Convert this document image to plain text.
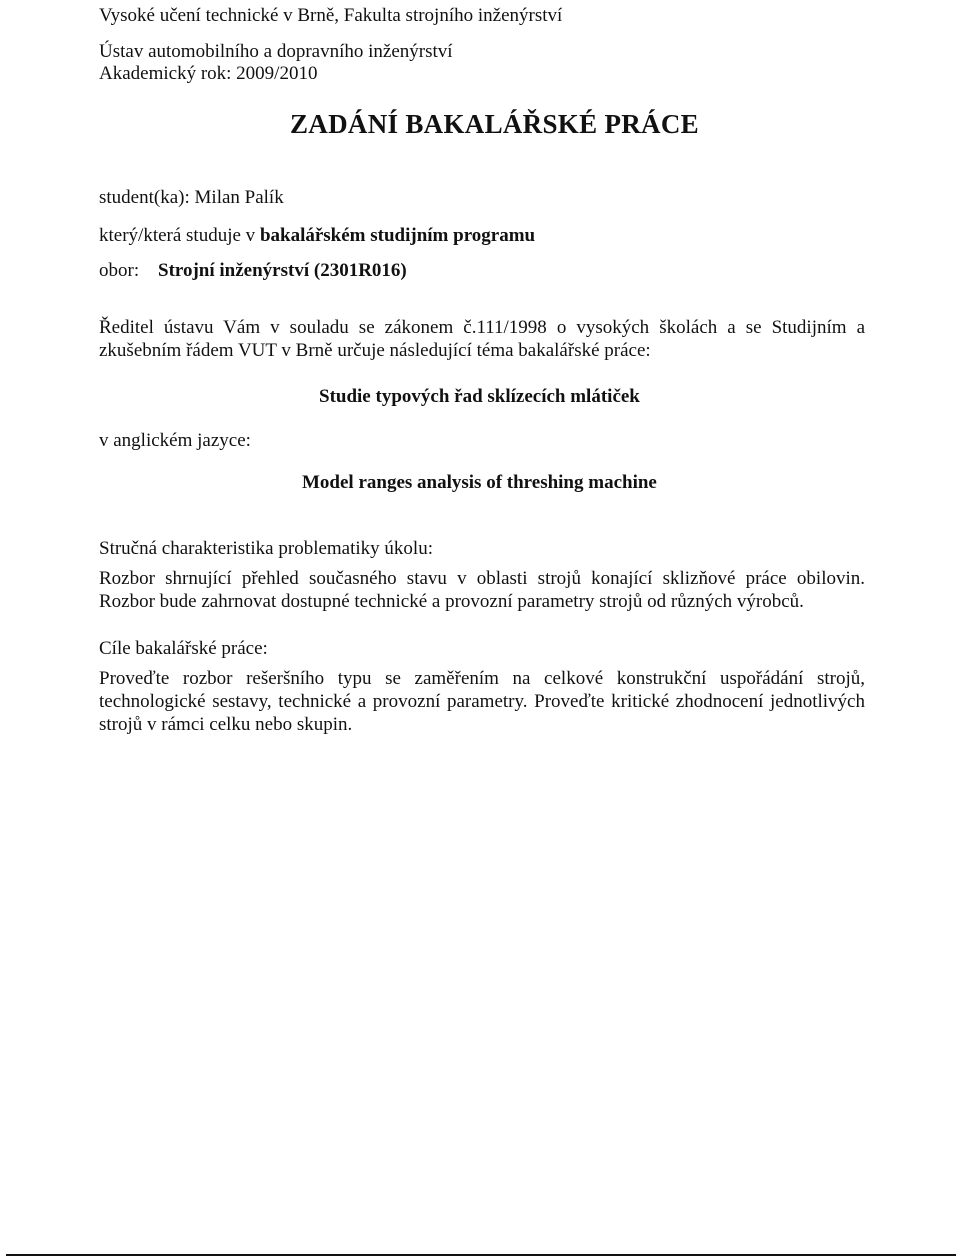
Vysoké učení technické v Brně, Fakulta strojního inženýrství
Ústav automobilního a dopravního inženýrství
Akademický rok: 2009/2010
ZADÁNÍ BAKALÁŘSKÉ PRÁCE
student(ka): Milan Palík
který/která studuje v bakalářském studijním programu
obor: Strojní inženýrství (2301R016)
Ředitel ústavu Vám v souladu se zákonem č.111/1998 o vysokých školách a se Studijním a zkušebním řádem VUT v Brně určuje následující téma bakalářské práce:
Studie typových řad sklízecích mlátiček
v anglickém jazyce:
Model ranges analysis of threshing machine
Stručná charakteristika problematiky úkolu:
Rozbor shrnující přehled současného stavu v oblasti strojů konající sklizňové práce obilovin. Rozbor bude zahrnovat dostupné technické a provozní parametry strojů od různých výrobců.
Cíle bakalářské práce:
Proveďte rozbor rešeršního typu se zaměřením na celkové konstrukční uspořádání strojů, technologické sestavy, technické a provozní parametry. Proveďte kritické zhodnocení jednotlivých strojů v rámci celku nebo skupin.
